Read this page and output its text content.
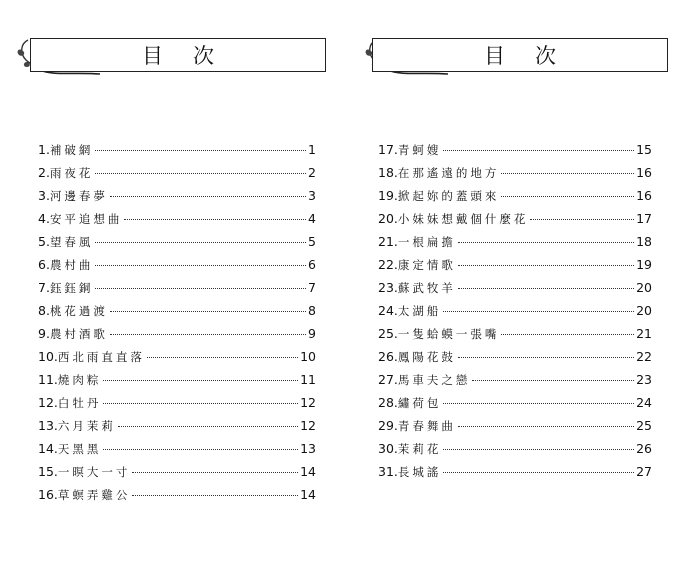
目次
1. 補破網	1
2. 雨夜花	2
3. 河邊春夢	3
4. 安平追想曲	4
5. 望春風	5
6. 農村曲	6
7. 鈺鈺銅	7
8. 桃花過渡	8
9. 農村酒歌	9
10. 西北雨直直落	10
11. 燒肉粽	11
12. 白牡丹	12
13. 六月茉莉	12
14. 天黑黑	13
15. 一暝大一寸	14
16. 草螟弄雞公	14
目次
17. 青蚵嫂	15
18. 在那遙遠的地方	16
19. 掀起妳的蓋頭來	16
20. 小妹妹想戴個什麼花	17
21. 一根扁擔	18
22. 康定情歌	19
23. 蘇武牧羊	20
24. 太湖船	20
25. 一隻蛤蟆一張嘴	21
26. 鳳陽花鼓	22
27. 馬車夫之戀	23
28. 繡荷包	24
29. 青春舞曲	25
30. 茉莉花	26
31. 長城謠	27
